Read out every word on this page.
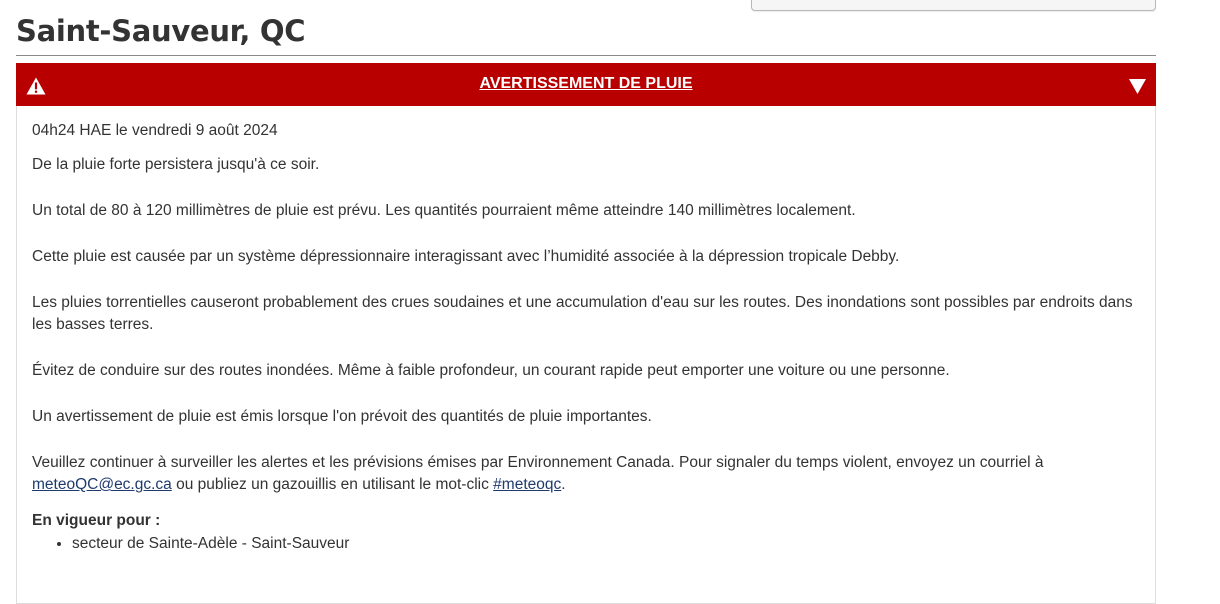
Saint-Sauveur, QC
AVERTISSEMENT DE PLUIE

04h24 HAE le vendredi 9 août 2024

De la pluie forte persistera jusqu'à ce soir.

Un total de 80 à 120 millimètres de pluie est prévu. Les quantités pourraient même atteindre 140 millimètres localement.

Cette pluie est causée par un système dépressionnaire interagissant avec l’humidité associée à la dépression tropicale Debby.

Les pluies torrentielles causeront probablement des crues soudaines et une accumulation d'eau sur les routes. Des inondations sont possibles par endroits dans les basses terres.

Évitez de conduire sur des routes inondées. Même à faible profondeur, un courant rapide peut emporter une voiture ou une personne.

Un avertissement de pluie est émis lorsque l'on prévoit des quantités de pluie importantes.

Veuillez continuer à surveiller les alertes et les prévisions émises par Environnement Canada. Pour signaler du temps violent, envoyez un courriel à meteoQC@ec.gc.ca ou publiez un gazouillis en utilisant le mot-clic #meteoqc.

En vigueur pour :

• secteur de Sainte-Adèle - Saint-Sauveur
